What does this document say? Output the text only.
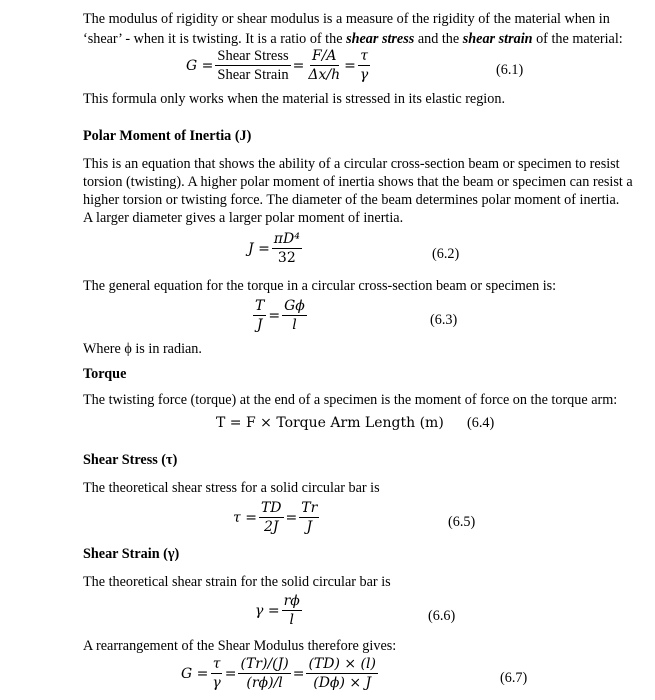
The modulus of rigidity or shear modulus is a measure of the rigidity of the material when in
‘shear’ - when it is twisting. It is a ratio of the shear stress and the shear strain of the material:
$G = \frac{\text{Shear Stress}}{\text{Shear Strain}} = \frac{F/A}{\Delta x/h} = \frac{\tau}{\gamma}$	(6.1)
This formula only works when the material is stressed in its elastic region.
Polar Moment of Inertia (J)
This is an equation that shows the ability of a circular cross-section beam or specimen to resist
torsion (twisting). A higher polar moment of inertia shows that the beam or specimen can resist a
higher torsion or twisting force. The diameter of the beam determines polar moment of inertia.
A larger diameter gives a larger polar moment of inertia.
$J = \frac{\text{πD⁴}}{32}$	(6.2)
The general equation for the torque in a circular cross-section beam or specimen is:
$\frac{T}{J} = \frac{G\phi}{l}$	(6.3)
Where ϕ is in radian.
Torque
The twisting force (torque) at the end of a specimen is the moment of force on the torque arm:
T = F × Torque Arm Length (m) (6.4)
Shear Stress (τ)
The theoretical shear stress for a solid circular bar is
$\tau = \frac{TD}{2J} = \frac{Tr}{J}$	(6.5)
Shear Strain (γ)
The theoretical shear strain for the solid circular bar is
$\gamma = \frac{r\phi}{l}$	(6.6)
A rearrangement of the Shear Modulus therefore gives:
$G = \frac{\tau}{\gamma} = \frac{(Tr)/(J)}{(r\phi)/l} = \frac{(TD) \times (l)}{(D\phi) \times J}$	(6.7)
